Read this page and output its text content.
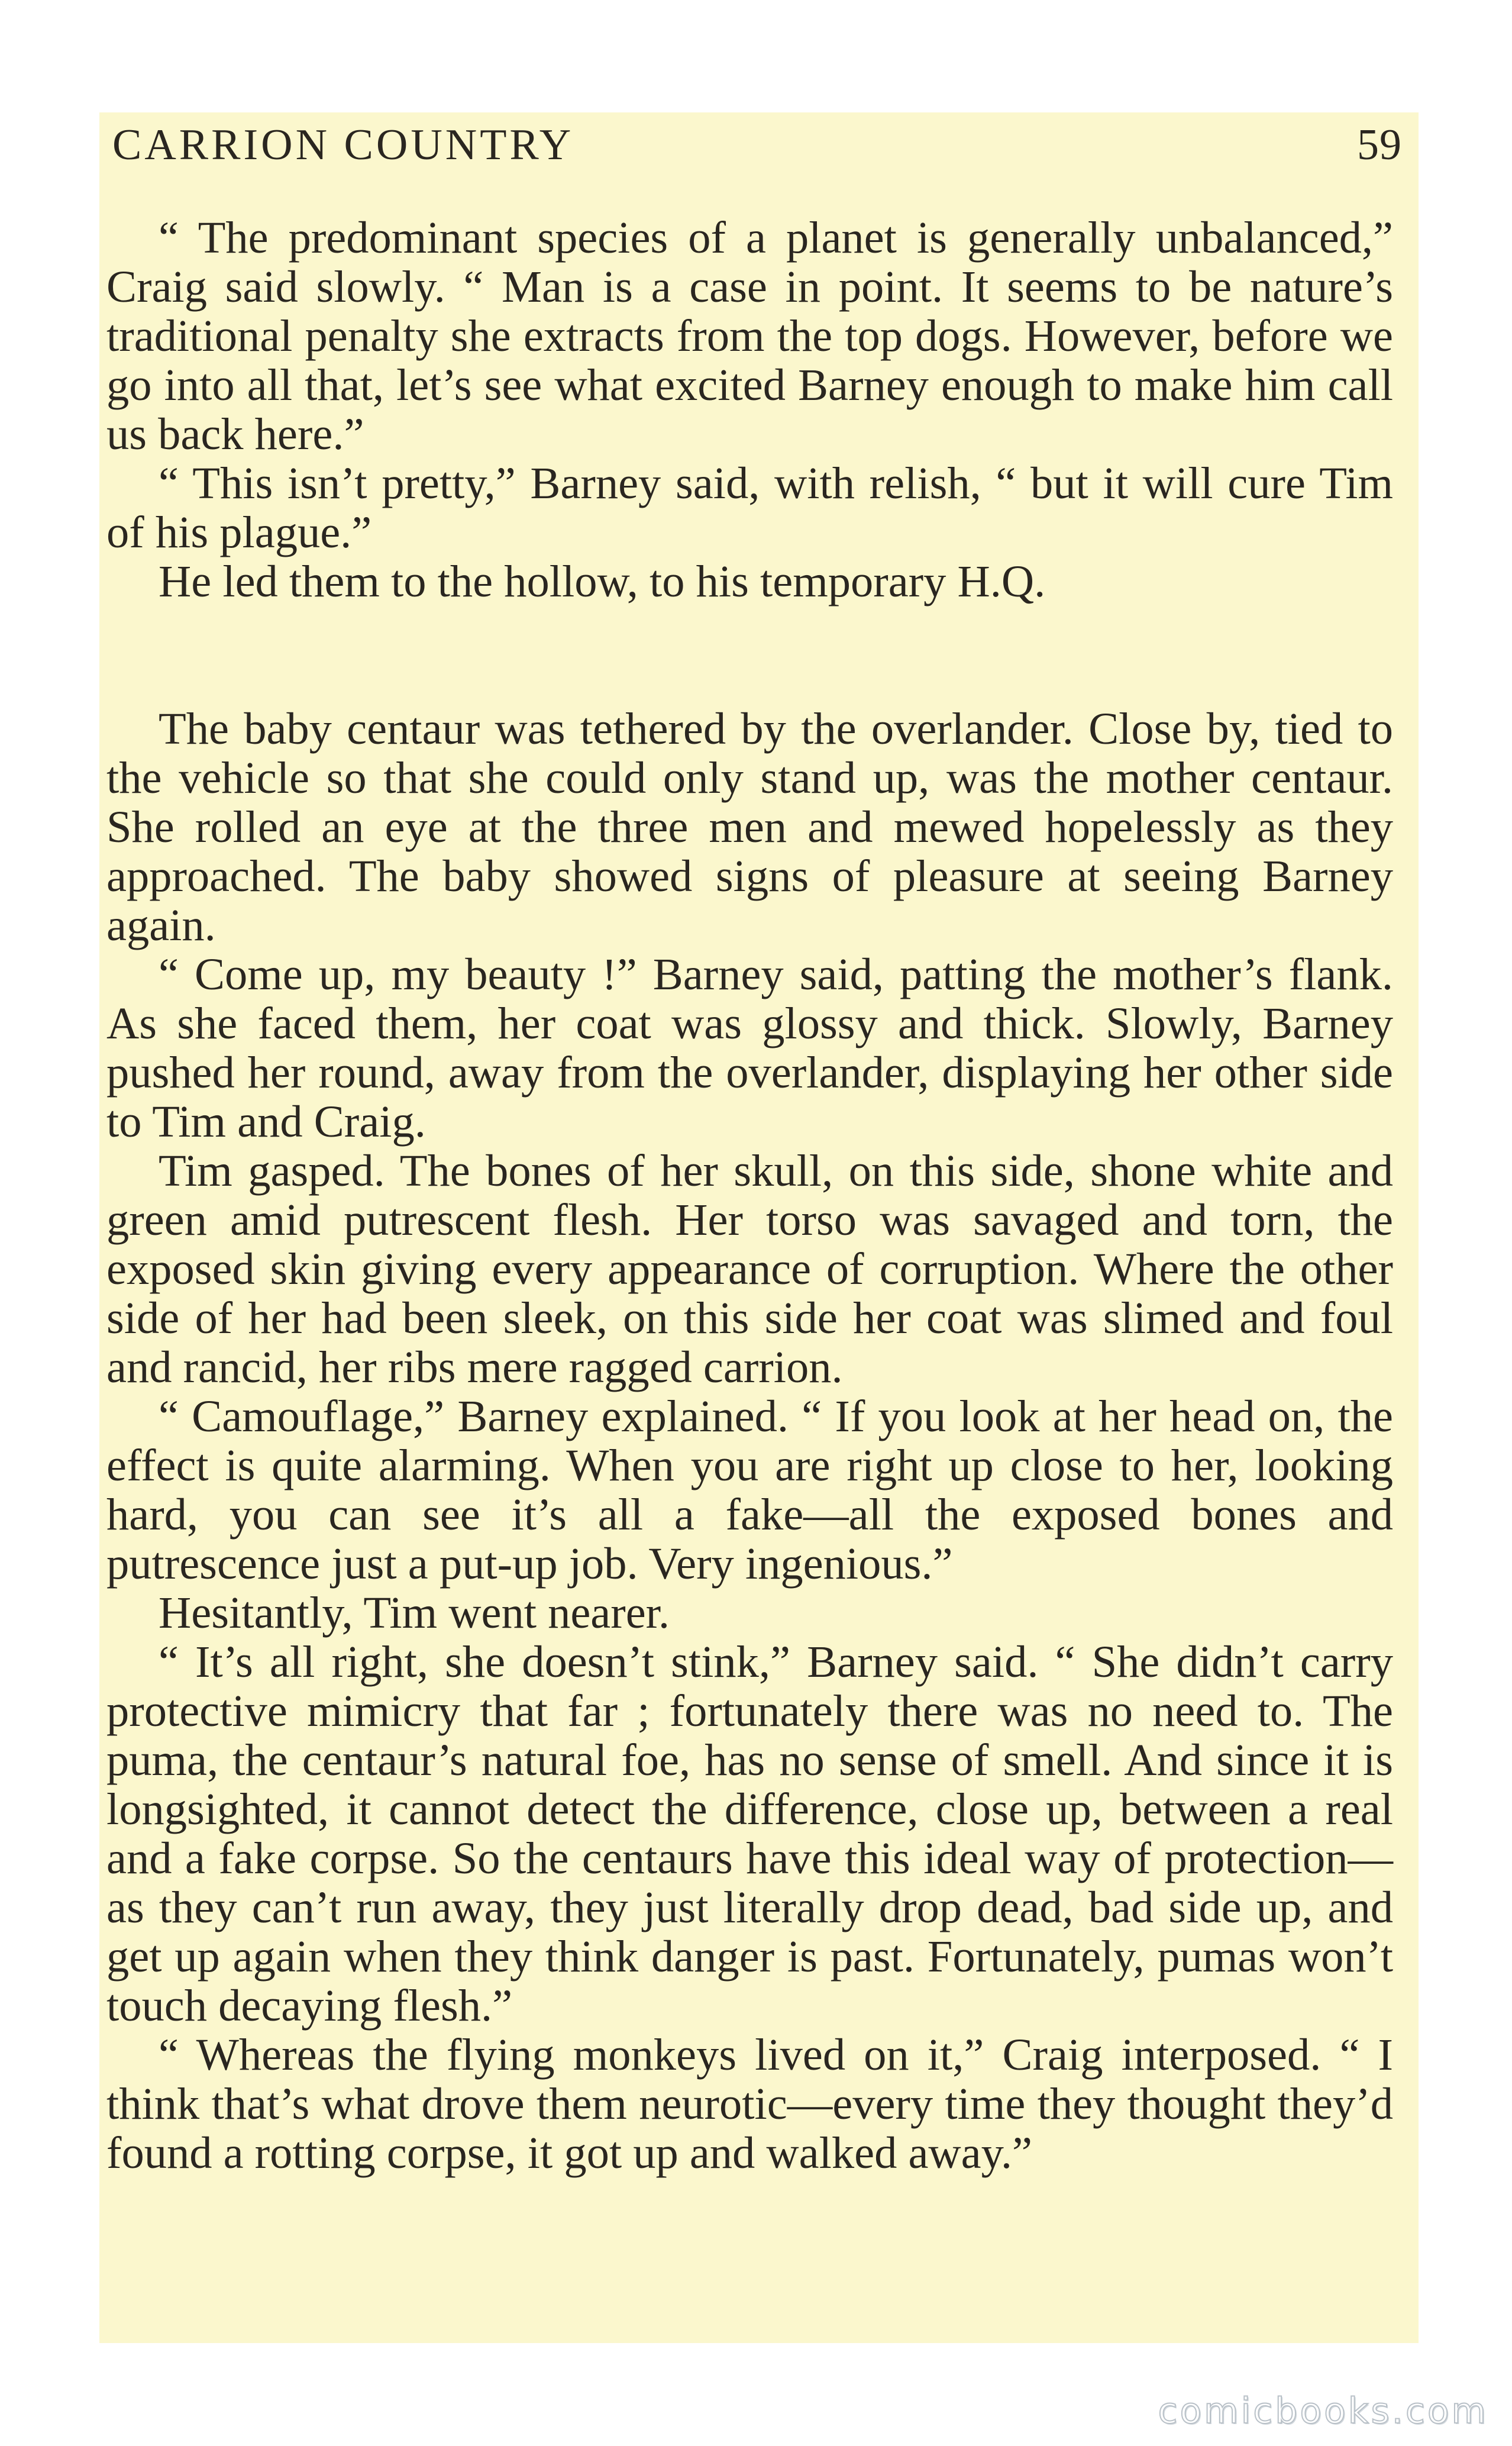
CARRION COUNTRY	59

“ The predominant species of a planet is generally unbalanced,” Craig said slowly. “ Man is a case in point. It seems to be nature’s traditional penalty she extracts from the top dogs. However, before we go into all that, let’s see what excited Barney enough to make him call us back here.”

“ This isn’t pretty,” Barney said, with relish, “ but it will cure Tim of his plague.”

He led them to the hollow, to his temporary H.Q.

The baby centaur was tethered by the overlander. Close by, tied to the vehicle so that she could only stand up, was the mother centaur. She rolled an eye at the three men and mewed hopelessly as they approached. The baby showed signs of pleasure at seeing Barney again.

“ Come up, my beauty !” Barney said, patting the mother’s flank. As she faced them, her coat was glossy and thick. Slowly, Barney pushed her round, away from the overlander, displaying her other side to Tim and Craig.

Tim gasped. The bones of her skull, on this side, shone white and green amid putrescent flesh. Her torso was savaged and torn, the exposed skin giving every appearance of corruption. Where the other side of her had been sleek, on this side her coat was slimed and foul and rancid, her ribs mere ragged carrion.

“ Camouflage,” Barney explained. “ If you look at her head on, the effect is quite alarming. When you are right up close to her, looking hard, you can see it’s all a fake—all the exposed bones and putrescence just a put-up job. Very ingenious.”

Hesitantly, Tim went nearer.

“ It’s all right, she doesn’t stink,” Barney said. “ She didn’t carry protective mimicry that far ; fortunately there was no need to. The puma, the centaur’s natural foe, has no sense of smell. And since it is longsighted, it cannot detect the difference, close up, between a real and a fake corpse. So the centaurs have this ideal way of protection—as they can’t run away, they just literally drop dead, bad side up, and get up again when they think danger is past. Fortunately, pumas won’t touch decaying flesh.”

“ Whereas the flying monkeys lived on it,” Craig interposed. “ I think that’s what drove them neurotic—every time they thought they’d found a rotting corpse, it got up and walked away.”

comicbooks.com
